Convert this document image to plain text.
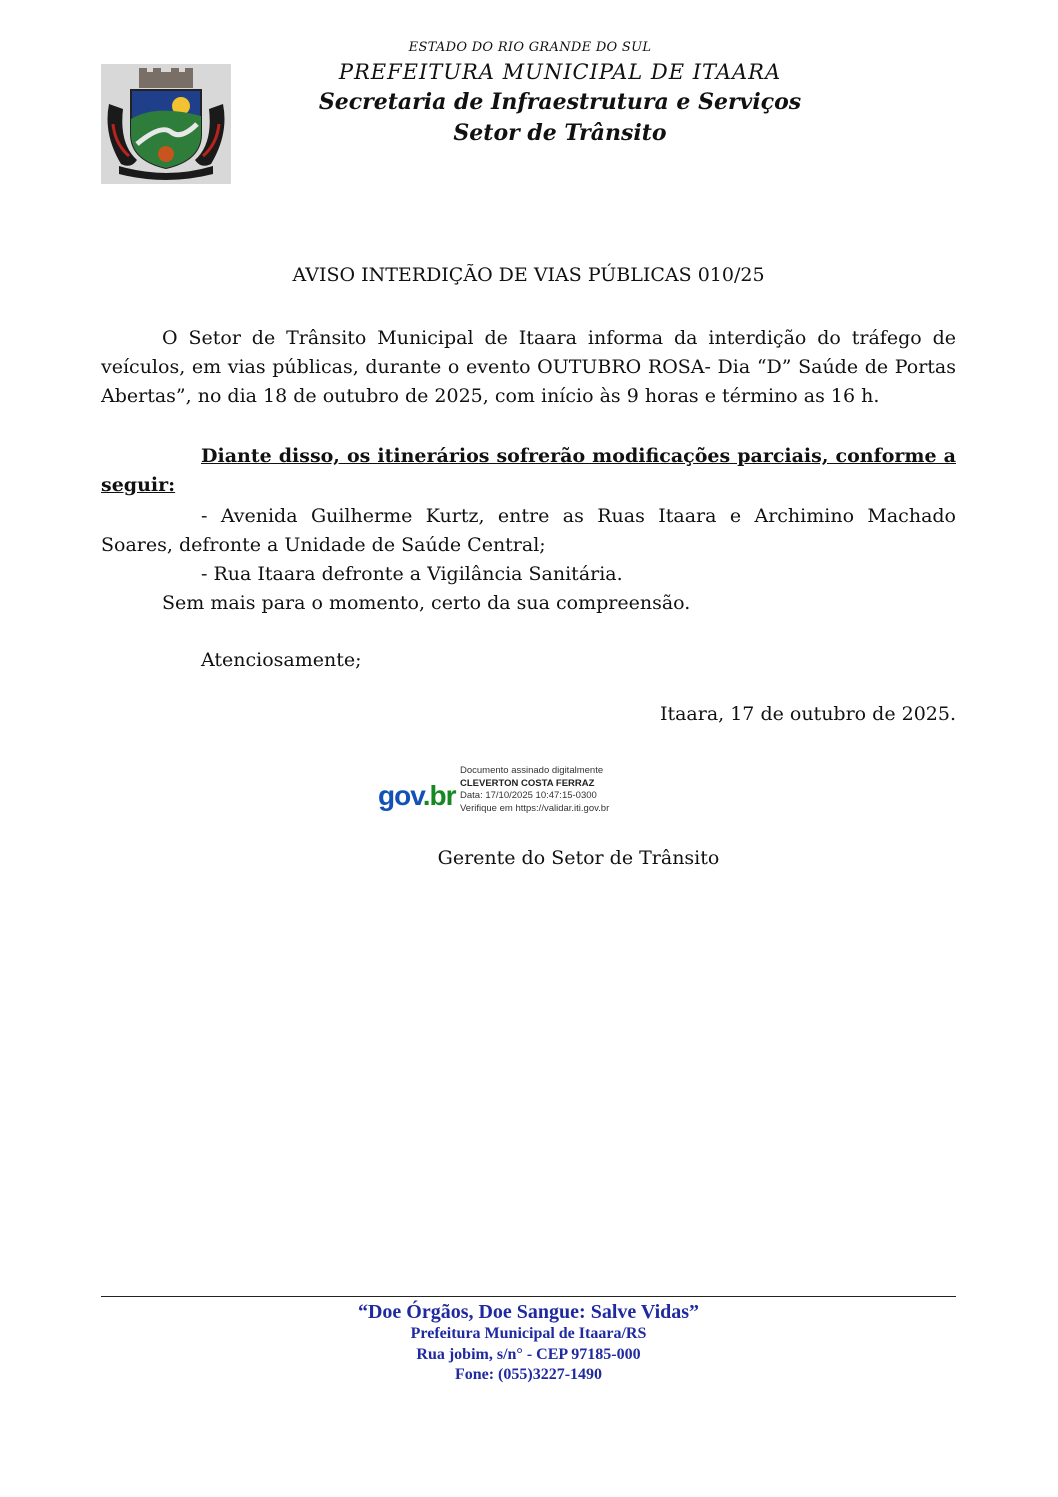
ESTADO DO RIO GRANDE DO SUL
PREFEITURA MUNICIPAL DE ITAARA
Secretaria de Infraestrutura e Serviços
Setor de Trânsito
AVISO INTERDIÇÃO DE VIAS PÚBLICAS 010/25
O Setor de Trânsito Municipal de Itaara informa da interdição do tráfego de veículos, em vias públicas, durante o evento OUTUBRO ROSA- Dia “D” Saúde de Portas Abertas”, no dia 18 de outubro de 2025, com início às 9 horas e término as 16 h.
Diante disso, os itinerários sofrerão modificações parciais, conforme a seguir:
- Avenida Guilherme Kurtz, entre as Ruas Itaara e Archimino Machado Soares, defronte a Unidade de Saúde Central;
- Rua Itaara defronte a Vigilância Sanitária.
Sem mais para o momento, certo da sua compreensão.
Atenciosamente;
Itaara, 17 de outubro de 2025.
gov.br
Documento assinado digitalmente
CLEVERTON COSTA FERRAZ
Data: 17/10/2025 10:47:15-0300
Verifique em https://validar.iti.gov.br
Gerente do Setor de Trânsito
“Doe Órgãos, Doe Sangue: Salve Vidas”
Prefeitura Municipal de Itaara/RS
Rua jobim, s/n° - CEP 97185-000
Fone: (055)3227-1490
